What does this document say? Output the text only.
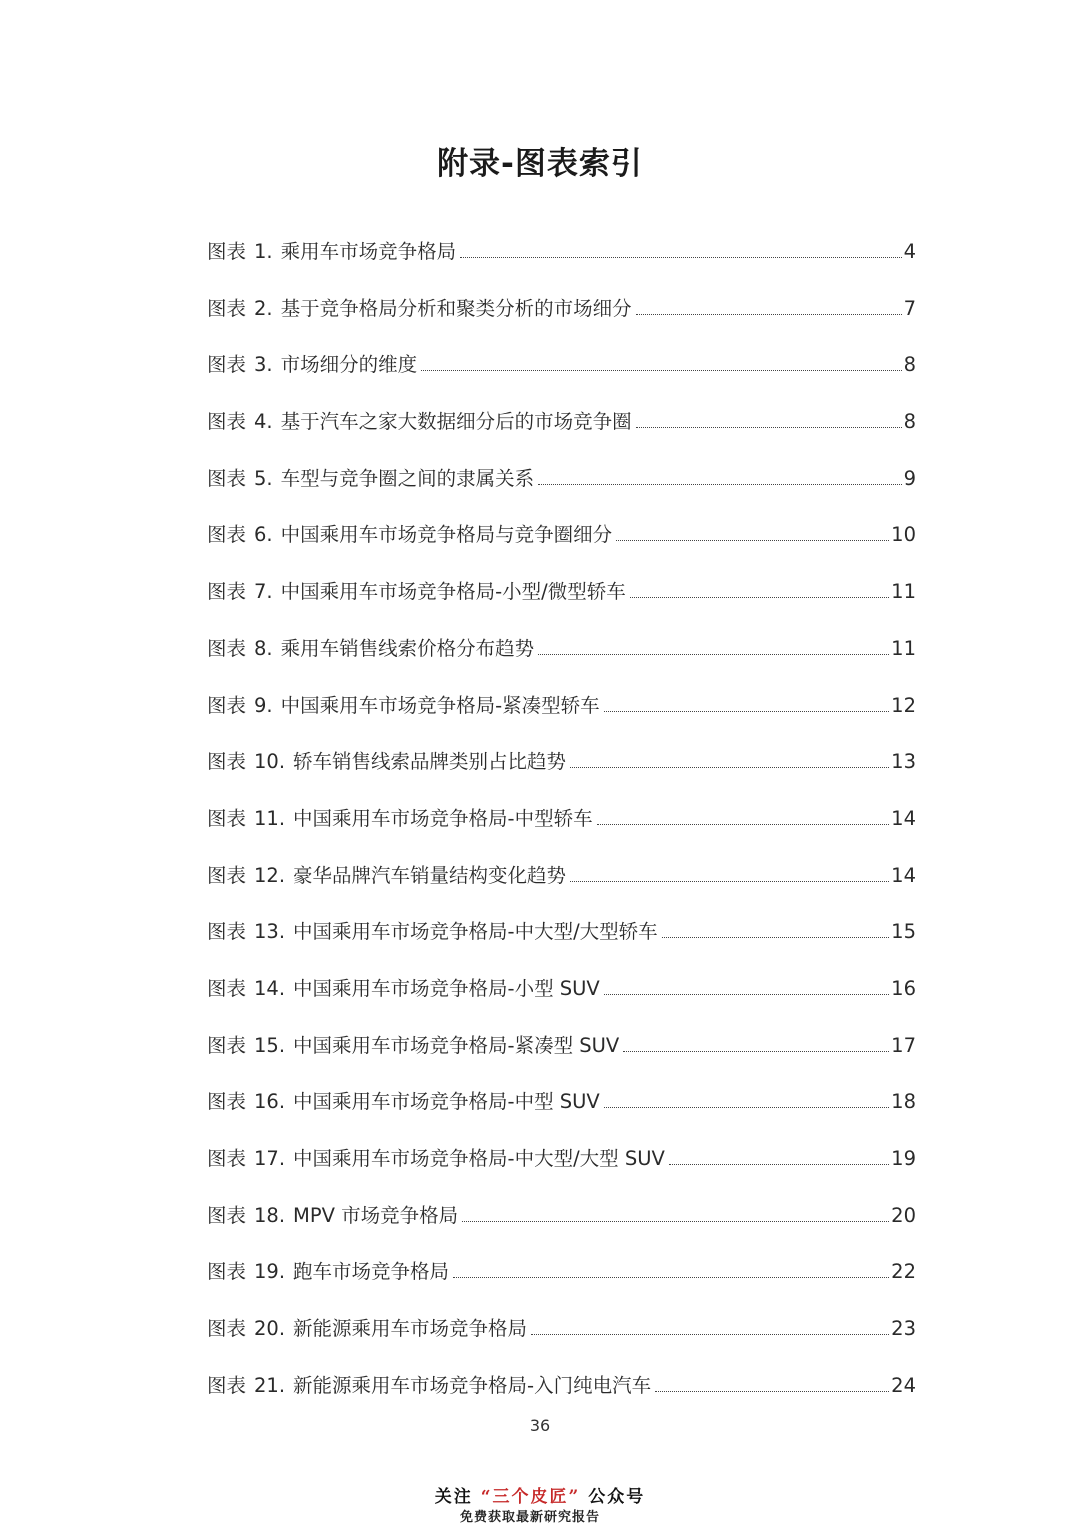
附录-图表索引
图表 1. 乘用车市场竞争格局	4
图表 2. 基于竞争格局分析和聚类分析的市场细分	7
图表 3. 市场细分的维度	8
图表 4. 基于汽车之家大数据细分后的市场竞争圈	8
图表 5. 车型与竞争圈之间的隶属关系	9
图表 6. 中国乘用车市场竞争格局与竞争圈细分	10
图表 7. 中国乘用车市场竞争格局-小型/微型轿车	11
图表 8. 乘用车销售线索价格分布趋势	11
图表 9. 中国乘用车市场竞争格局-紧凑型轿车	12
图表 10. 轿车销售线索品牌类别占比趋势	13
图表 11. 中国乘用车市场竞争格局-中型轿车	14
图表 12. 豪华品牌汽车销量结构变化趋势	14
图表 13. 中国乘用车市场竞争格局-中大型/大型轿车	15
图表 14. 中国乘用车市场竞争格局-小型 SUV	16
图表 15. 中国乘用车市场竞争格局-紧凑型 SUV	17
图表 16. 中国乘用车市场竞争格局-中型 SUV	18
图表 17. 中国乘用车市场竞争格局-中大型/大型 SUV	19
图表 18. MPV 市场竞争格局	20
图表 19. 跑车市场竞争格局	22
图表 20. 新能源乘用车市场竞争格局	23
图表 21. 新能源乘用车市场竞争格局-入门纯电汽车	24
36
关注 “三个皮匠” 公众号
免费获取最新研究报告
